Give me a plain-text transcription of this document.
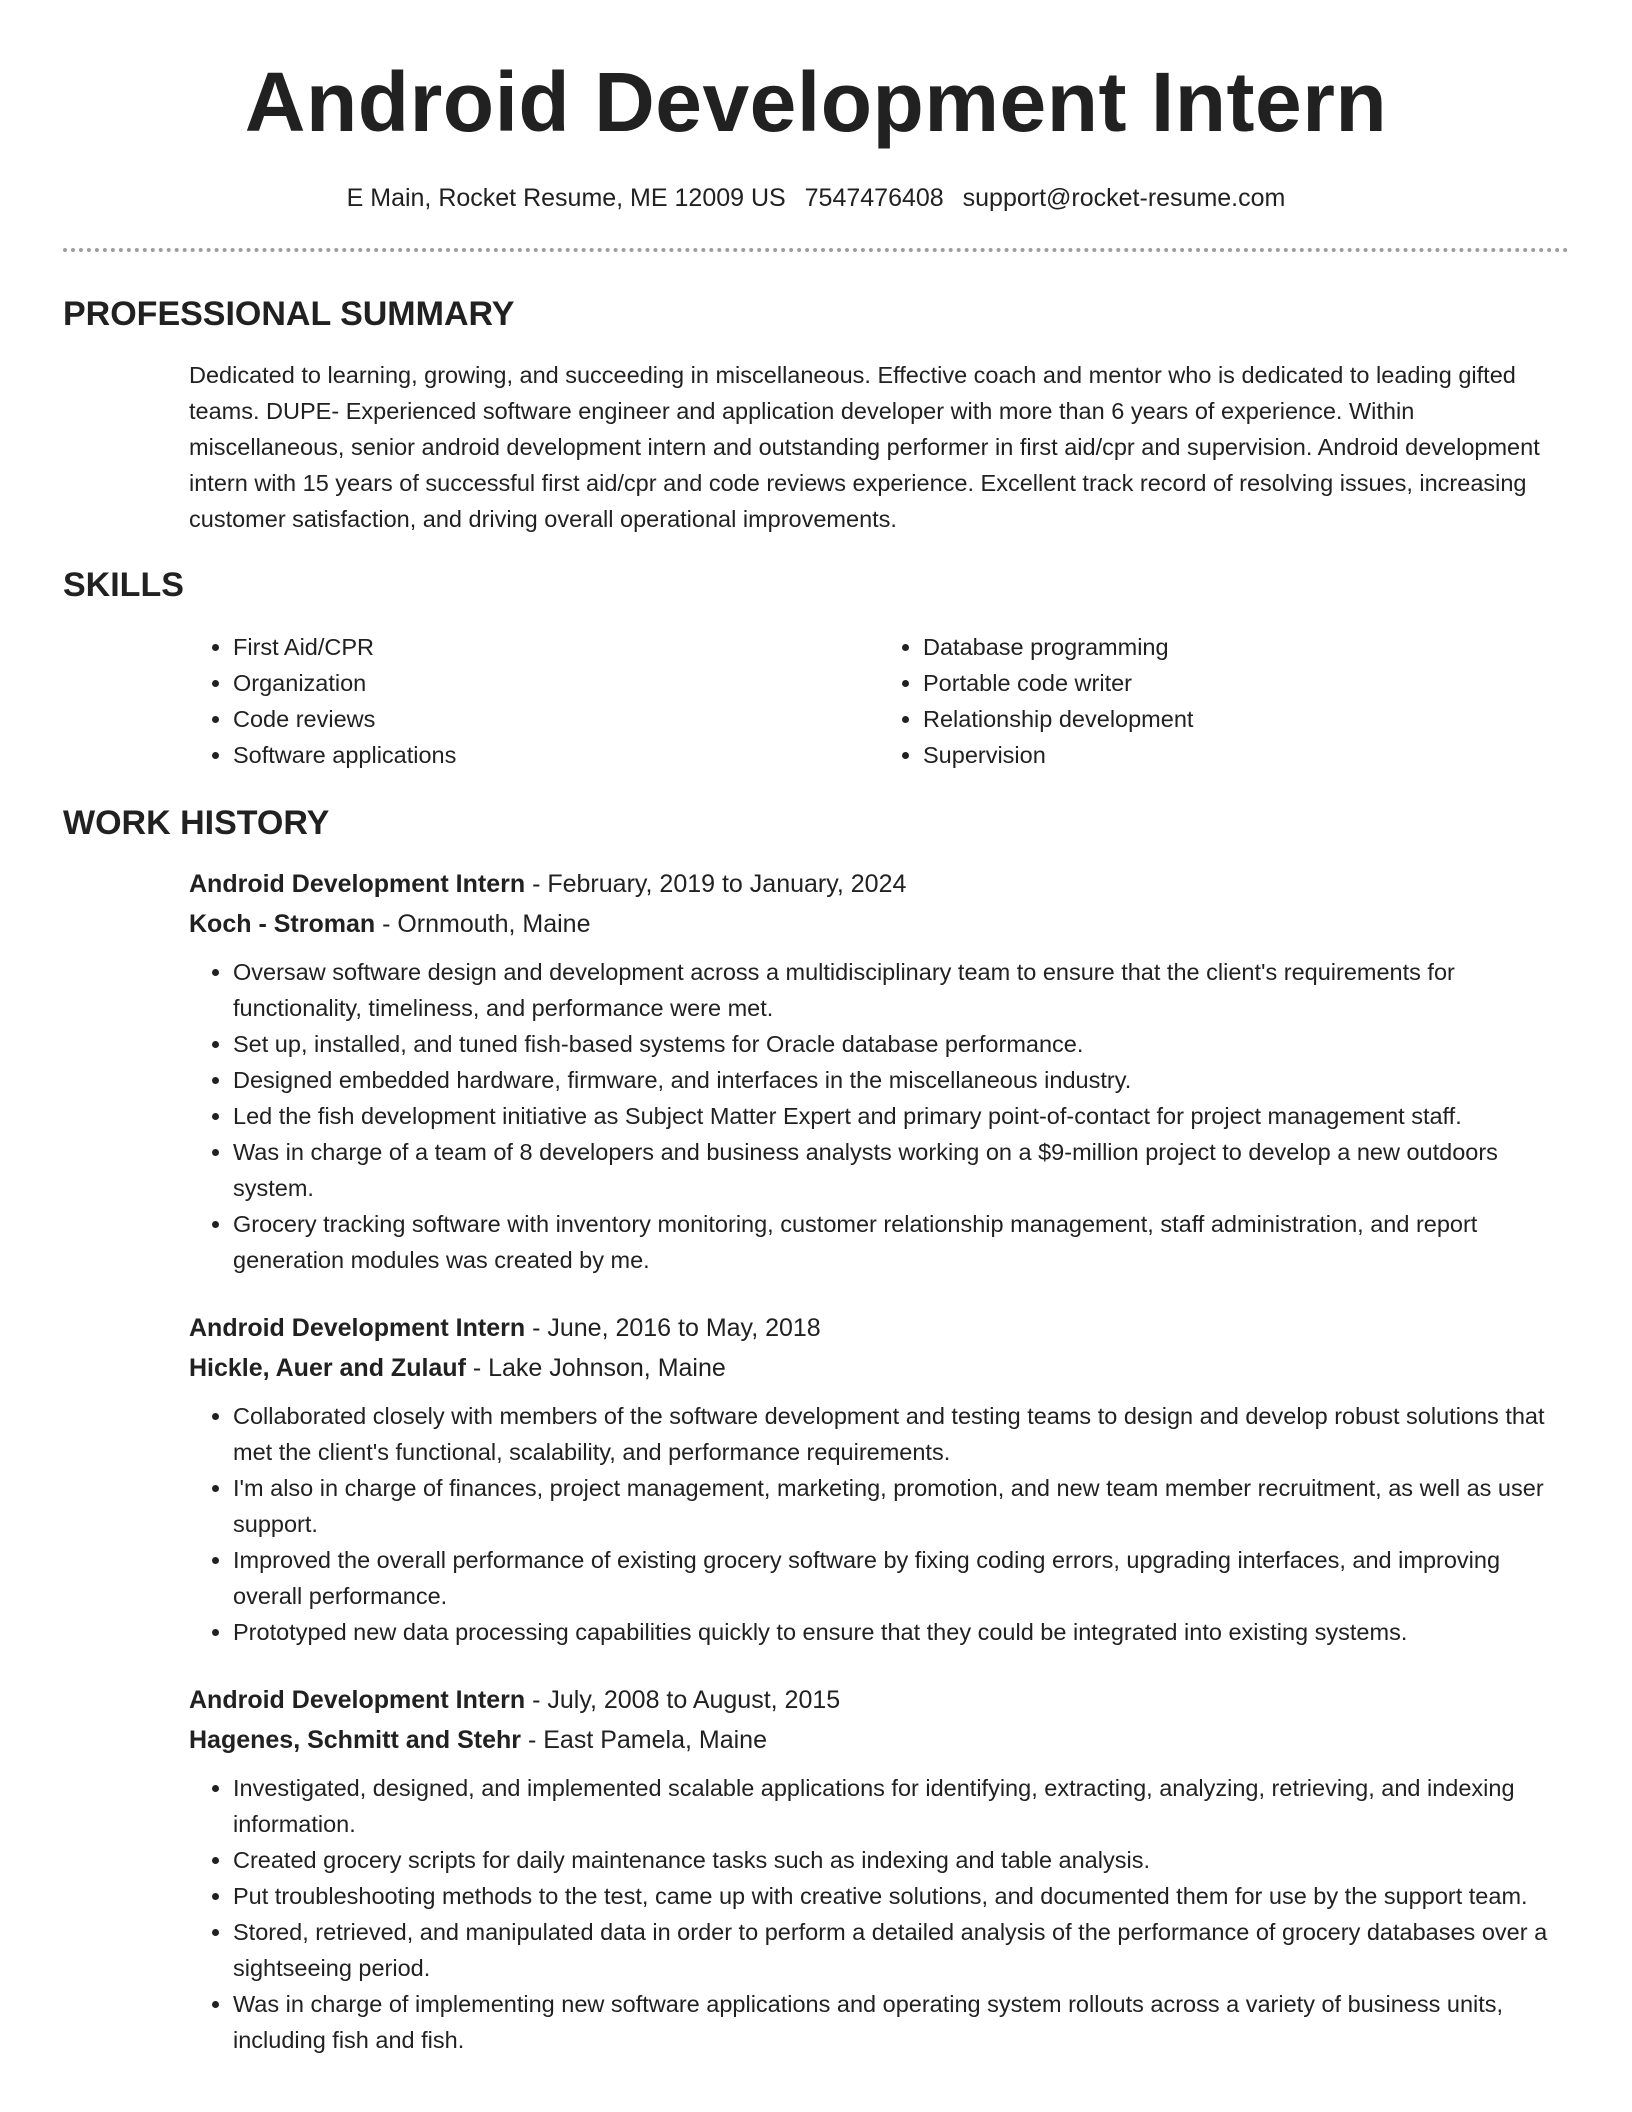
Android Development Intern
E Main, Rocket Resume, ME 12009 US 7547476408 support@rocket-resume.com
PROFESSIONAL SUMMARY

Dedicated to learning, growing, and succeeding in miscellaneous. Effective coach and mentor who is dedicated to leading gifted teams. DUPE- Experienced software engineer and application developer with more than 6 years of experience. Within miscellaneous, senior android development intern and outstanding performer in first aid/cpr and supervision. Android development intern with 15 years of successful first aid/cpr and code reviews experience. Excellent track record of resolving issues, increasing customer satisfaction, and driving overall operational improvements.

SKILLS
• First Aid/CPR
• Organization
• Code reviews
• Software applications
• Database programming
• Portable code writer
• Relationship development
• Supervision
WORK HISTORY
Android Development Intern - February, 2019 to January, 2024
Koch - Stroman - Ornmouth, Maine
• Oversaw software design and development across a multidisciplinary team to ensure that the client's requirements for functionality, timeliness, and performance were met.
• Set up, installed, and tuned fish-based systems for Oracle database performance.
• Designed embedded hardware, firmware, and interfaces in the miscellaneous industry.
• Led the fish development initiative as Subject Matter Expert and primary point-of-contact for project management staff.
• Was in charge of a team of 8 developers and business analysts working on a $9-million project to develop a new outdoors system.
• Grocery tracking software with inventory monitoring, customer relationship management, staff administration, and report generation modules was created by me.
Android Development Intern - June, 2016 to May, 2018
Hickle, Auer and Zulauf - Lake Johnson, Maine
• Collaborated closely with members of the software development and testing teams to design and develop robust solutions that met the client's functional, scalability, and performance requirements.
• I'm also in charge of finances, project management, marketing, promotion, and new team member recruitment, as well as user support.
• Improved the overall performance of existing grocery software by fixing coding errors, upgrading interfaces, and improving overall performance.
• Prototyped new data processing capabilities quickly to ensure that they could be integrated into existing systems.
Android Development Intern - July, 2008 to August, 2015
Hagenes, Schmitt and Stehr - East Pamela, Maine
• Investigated, designed, and implemented scalable applications for identifying, extracting, analyzing, retrieving, and indexing information.
• Created grocery scripts for daily maintenance tasks such as indexing and table analysis.
• Put troubleshooting methods to the test, came up with creative solutions, and documented them for use by the support team.
• Stored, retrieved, and manipulated data in order to perform a detailed analysis of the performance of grocery databases over a sightseeing period.
• Was in charge of implementing new software applications and operating system rollouts across a variety of business units, including fish and fish.
